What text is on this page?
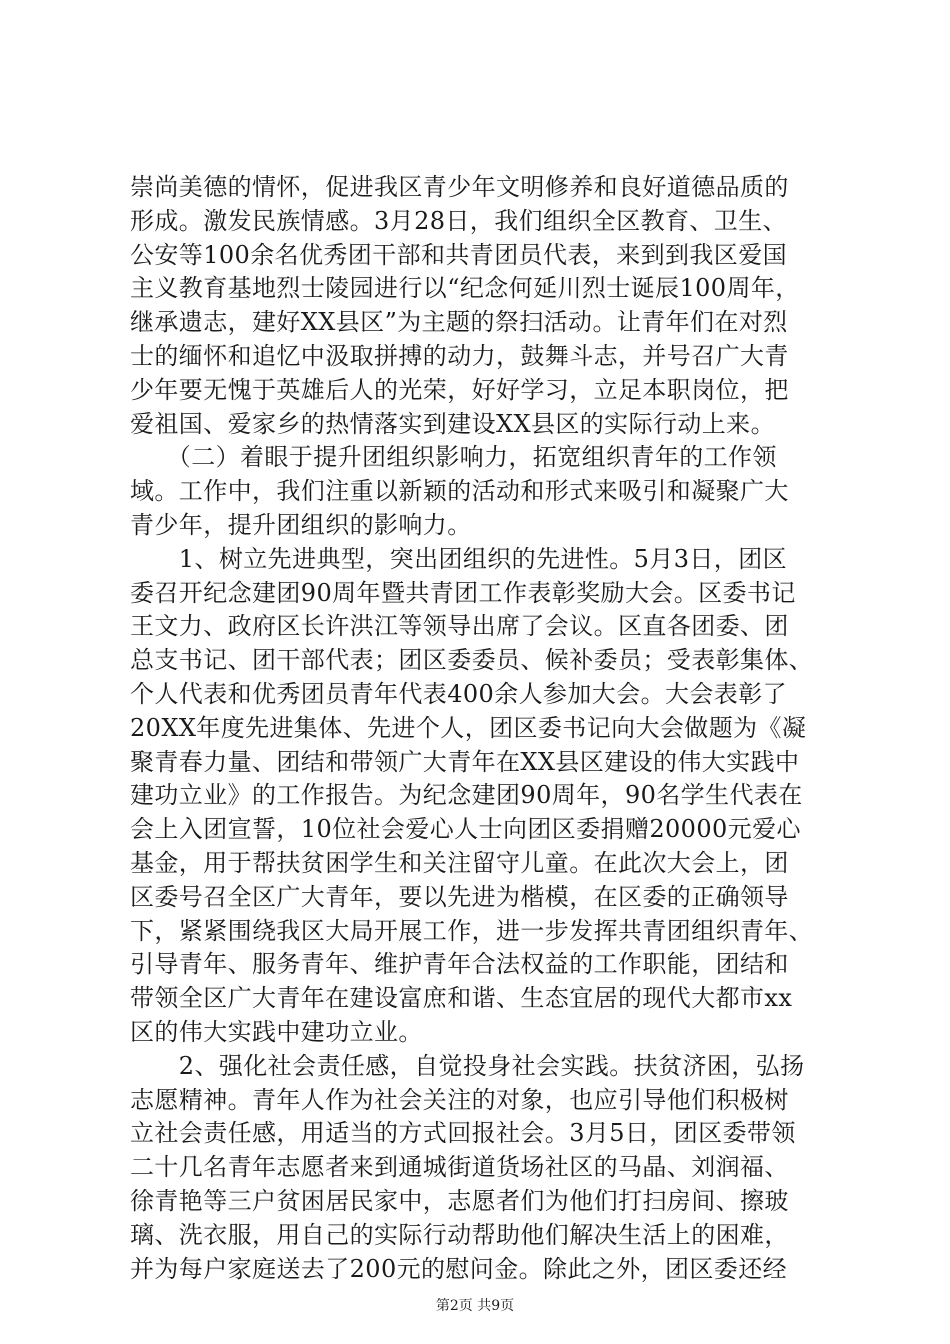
崇尚美德的情怀，促进我区青少年文明修养和良好道德品质的
形成。激发民族情感。3月28日，我们组织全区教育、卫生、
公安等100余名优秀团干部和共青团员代表，来到到我区爱国
主义教育基地烈士陵园进行以“纪念何延川烈士诞辰100周年，
继承遗志，建好XX县区”为主题的祭扫活动。让青年们在对烈
士的缅怀和追忆中汲取拼搏的动力，鼓舞斗志，并号召广大青
少年要无愧于英雄后人的光荣，好好学习，立足本职岗位，把
爱祖国、爱家乡的热情落实到建设XX县区的实际行动上来。
　　（二）着眼于提升团组织影响力，拓宽组织青年的工作领
域。工作中，我们注重以新颖的活动和形式来吸引和凝聚广大
青少年，提升团组织的影响力。
　　1、树立先进典型，突出团组织的先进性。5月3日，团区
委召开纪念建团90周年暨共青团工作表彰奖励大会。区委书记
王文力、政府区长许洪江等领导出席了会议。区直各团委、团
总支书记、团干部代表；团区委委员、候补委员；受表彰集体、
个人代表和优秀团员青年代表400余人参加大会。大会表彰了
20XX年度先进集体、先进个人，团区委书记向大会做题为《凝
聚青春力量、团结和带领广大青年在XX县区建设的伟大实践中
建功立业》的工作报告。为纪念建团90周年，90名学生代表在
会上入团宣誓，10位社会爱心人士向团区委捐赠20000元爱心
基金，用于帮扶贫困学生和关注留守儿童。在此次大会上，团
区委号召全区广大青年，要以先进为楷模，在区委的正确领导
下，紧紧围绕我区大局开展工作，进一步发挥共青团组织青年、
引导青年、服务青年、维护青年合法权益的工作职能，团结和
带领全区广大青年在建设富庶和谐、生态宜居的现代大都市xx
区的伟大实践中建功立业。
　　2、强化社会责任感，自觉投身社会实践。扶贫济困，弘扬
志愿精神。青年人作为社会关注的对象，也应引导他们积极树
立社会责任感，用适当的方式回报社会。3月5日，团区委带领
二十几名青年志愿者来到通城街道货场社区的马晶、刘润福、
徐青艳等三户贫困居民家中，志愿者们为他们打扫房间、擦玻
璃、洗衣服，用自己的实际行动帮助他们解决生活上的困难，
并为每户家庭送去了200元的慰问金。除此之外，团区委还经
第2页 共9页
